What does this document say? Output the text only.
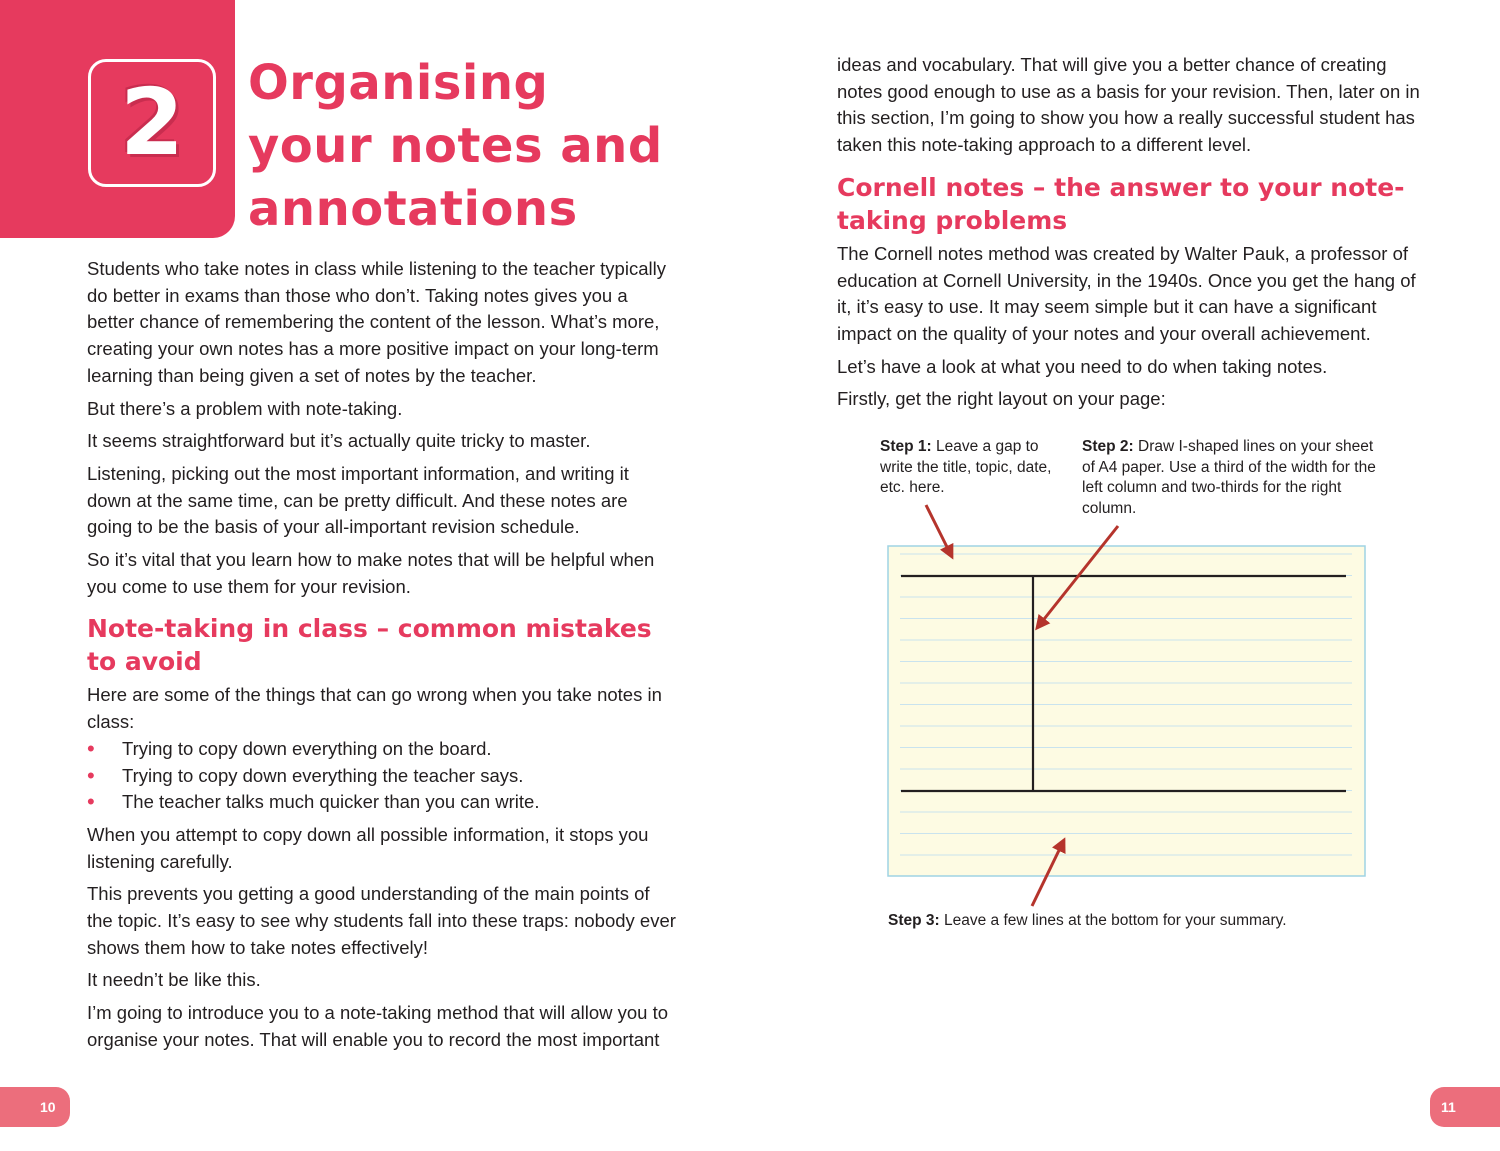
2	Organising
your notes and
annotations

Students who take notes in class while listening to the teacher typically do better in exams than those who don’t. Taking notes gives you a better chance of remembering the content of the lesson. What’s more, creating your own notes has a more positive impact on your long-term learning than being given a set of notes by the teacher.

But there’s a problem with note-taking.

It seems straightforward but it’s actually quite tricky to master.

Listening, picking out the most important information, and writing it down at the same time, can be pretty difficult. And these notes are going to be the basis of your all-important revision schedule.

So it’s vital that you learn how to make notes that will be helpful when you come to use them for your revision.

Note-taking in class – common mistakes
to avoid

Here are some of the things that can go wrong when you take notes in class:

• Trying to copy down everything on the board.
• Trying to copy down everything the teacher says.
• The teacher talks much quicker than you can write.

When you attempt to copy down all possible information, it stops you listening carefully.

This prevents you getting a good understanding of the main points of the topic. It’s easy to see why students fall into these traps: nobody ever shows them how to take notes effectively!

It needn’t be like this.

I’m going to introduce you to a note-taking method that will allow you to organise your notes. That will enable you to record the most important

ideas and vocabulary. That will give you a better chance of creating notes good enough to use as a basis for your revision. Then, later on in this section, I’m going to show you how a really successful student has taken this note-taking approach to a different level.

Cornell notes – the answer to your note-
taking problems

The Cornell notes method was created by Walter Pauk, a professor of education at Cornell University, in the 1940s. Once you get the hang of it, it’s easy to use. It may seem simple but it can have a significant impact on the quality of your notes and your overall achievement.

Let’s have a look at what you need to do when taking notes.

Firstly, get the right layout on your page:

Step 1: Leave a gap to write the title, topic, date, etc. here.
Step 2: Draw I-shaped lines on your sheet of A4 paper. Use a third of the width for the left column and two-thirds for the right column.
Step 3: Leave a few lines at the bottom for your summary.
10	11
